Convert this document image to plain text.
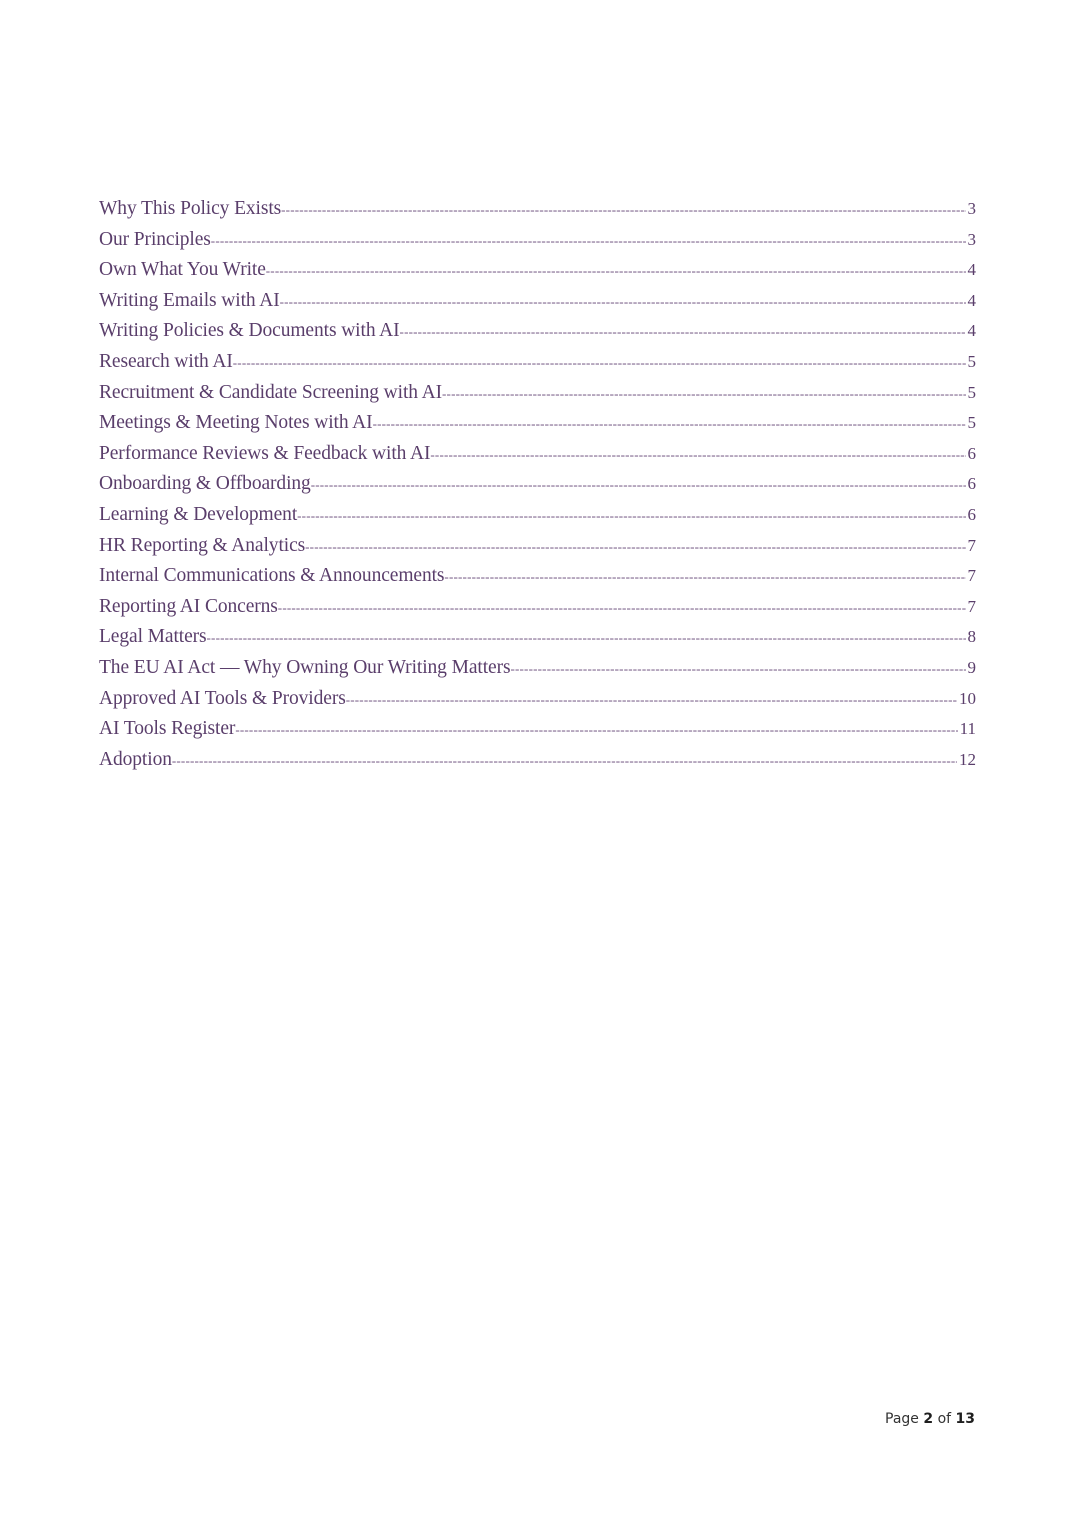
Why This Policy Exists -----	3
Our Principles -----	3
Own What You Write -----	4
Writing Emails with AI -----	4
Writing Policies & Documents with AI -----	4
Research with AI -----	5
Recruitment & Candidate Screening with AI -----	5
Meetings & Meeting Notes with AI -----	5
Performance Reviews & Feedback with AI -----	6
Onboarding & Offboarding -----	6
Learning & Development -----	6
HR Reporting & Analytics -----	7
Internal Communications & Announcements -----	7
Reporting AI Concerns -----	7
Legal Matters -----	8
The EU AI Act — Why Owning Our Writing Matters -----	9
Approved AI Tools & Providers -----	10
AI Tools Register -----	11
Adoption -----	12
Page 2 of 13
